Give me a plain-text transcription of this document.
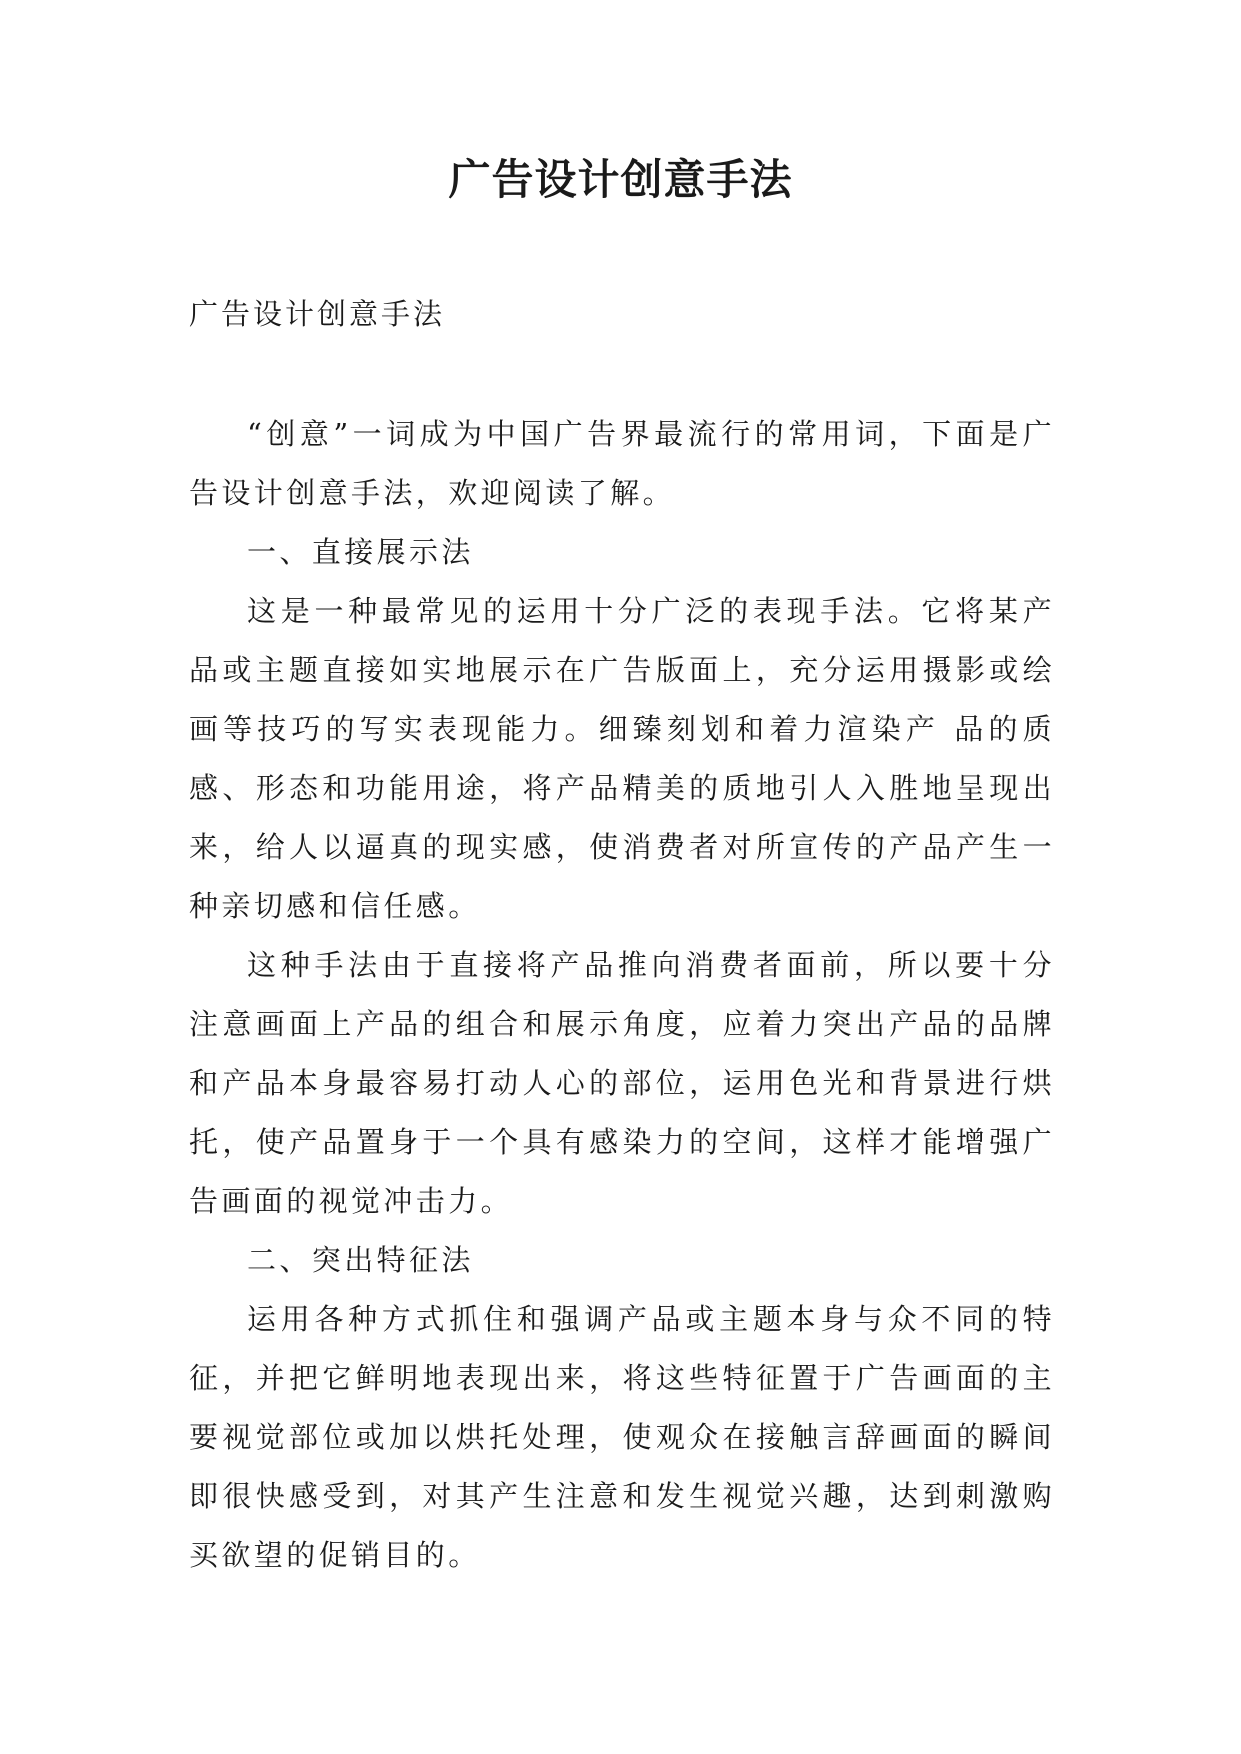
广告设计创意手法
广告设计创意手法

“创意”一词成为中国广告界最流行的常用词，下面是广告设计创意手法，欢迎阅读了解。

一、直接展示法

这是一种最常见的运用十分广泛的表现手法。它将某产品或主题直接如实地展示在广告版面上，充分运用摄影或绘画等技巧的写实表现能力。细臻刻划和着力渲染产 品的质感、形态和功能用途，将产品精美的质地引人入胜地呈现出来，给人以逼真的现实感，使消费者对所宣传的产品产生一种亲切感和信任感。

这种手法由于直接将产品推向消费者面前，所以要十分注意画面上产品的组合和展示角度，应着力突出产品的品牌和产品本身最容易打动人心的部位，运用色光和背景进行烘托，使产品置身于一个具有感染力的空间，这样才能增强广告画面的视觉冲击力。

二、突出特征法

运用各种方式抓住和强调产品或主题本身与众不同的特征，并把它鲜明地表现出来，将这些特征置于广告画面的主要视觉部位或加以烘托处理，使观众在接触言辞画面的瞬间即很快感受到，对其产生注意和发生视觉兴趣，达到刺激购买欲望的促销目的。
